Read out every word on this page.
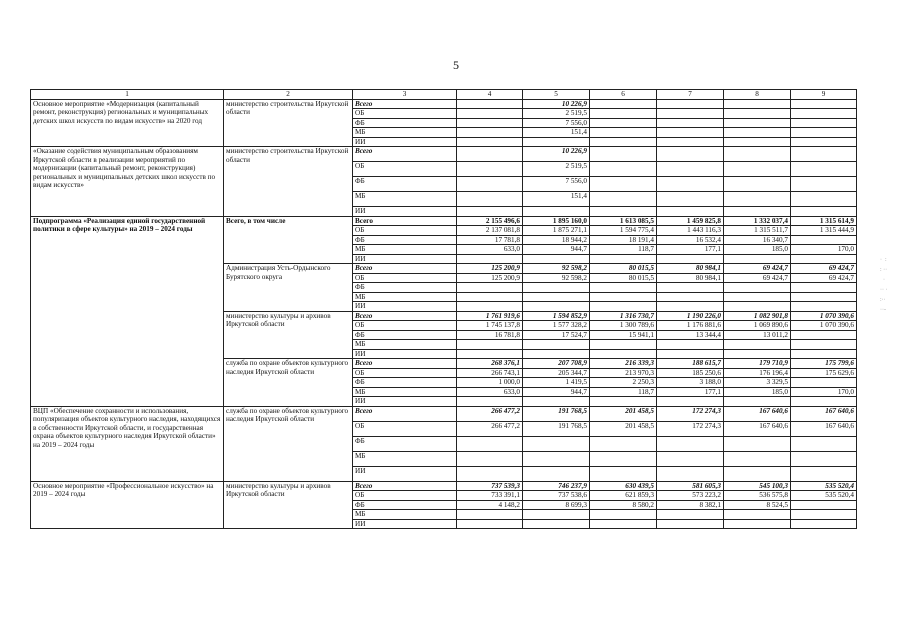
5
1	2	3	4	5	6	7	8	9
Основное мероприятие «Модернизация (капитальный ремонт, реконструкция) региональных и муниципальных детских школ искусств по видам искусств» на 2020 год	министерство строительства Иркутской области	Всего		10 226,9				
		ОБ		2 519,5				
		ФБ		7 556,0				
		МБ		151,4				
		ИИ						
«Оказание содействия муниципальным образованиям Иркутской области в реализации мероприятий по модернизации (капитальный ремонт, реконструкция) региональных и муниципальных детских школ искусств по видам искусств»	министерство строительства Иркутской области	Всего		10 226,9				
		ОБ		2 519,5				
		ФБ		7 556,0				
		МБ		151,4				
		ИИ						
Подпрограмма «Реализация единой государственной политики в сфере культуры» на 2019 – 2024 годы	Всего, в том числе	Всего	2 155 496,6	1 895 160,0	1 613 085,5	1 459 825,8	1 332 037,4	1 315 614,9
		ОБ	2 137 081,8	1 875 271,1	1 594 775,4	1 443 116,3	1 315 511,7	1 315 444,9
		ФБ	17 781,8	18 944,2	18 191,4	16 532,4	16 340,7	
		МБ	633,0	944,7	118,7	177,1	185,0	170,0
		ИИ						
	Администрация Усть-Ордынского Бурятского округа	Всего	125 200,9	92 598,2	80 015,5	80 984,1	69 424,7	69 424,7
		ОБ	125 200,9	92 598,2	80 015,5	80 984,1	69 424,7	69 424,7
		ФБ						
		МБ						
		ИИ						
	министерство культуры и архивов Иркутской области	Всего	1 761 919,6	1 594 852,9	1 316 730,7	1 190 226,0	1 082 901,8	1 070 390,6
		ОБ	1 745 137,8	1 577 328,2	1 300 789,6	1 176 881,6	1 069 890,6	1 070 390,6
		ФБ	16 781,8	17 524,7	15 941,1	13 344,4	13 011,2	
		МБ						
		ИИ						
	служба по охране объектов культурного наследия Иркутской области	Всего	268 376,1	207 708,9	216 339,3	188 615,7	179 710,9	175 799,6
		ОБ	266 743,1	205 344,7	213 970,3	185 250,6	176 196,4	175 629,6
		ФБ	1 000,0	1 419,5	2 250,3	3 188,0	3 329,5	
		МБ	633,0	944,7	118,7	177,1	185,0	170,0
		ИИ						
ВЦП «Обеспечение сохранности и использования, популяризация объектов культурного наследия, находящихся в собственности Иркутской области, и государственная охрана объектов культурного наследия Иркутской области» на 2019 – 2024 годы	служба по охране объектов культурного наследия Иркутской области	Всего	266 477,2	191 768,5	201 458,5	172 274,3	167 640,6	167 640,6
		ОБ	266 477,2	191 768,5	201 458,5	172 274,3	167 640,6	167 640,6
		ФБ						
		МБ						
		ИИ						
Основное мероприятие «Профессиональное искусство» на 2019 – 2024 годы	министерство культуры и архивов Иркутской области	Всего	737 539,3	746 237,9	630 439,5	581 605,3	545 100,3	535 520,4
		ОБ	733 391,1	737 538,6	621 859,3	573 223,2	536 575,8	535 520,4
		ФБ	4 148,2	8 699,3	8 580,2	8 382,1	8 524,5	
		МБ						
		ИИ						
·  :
: ··
·
·· ·
:··
··-
